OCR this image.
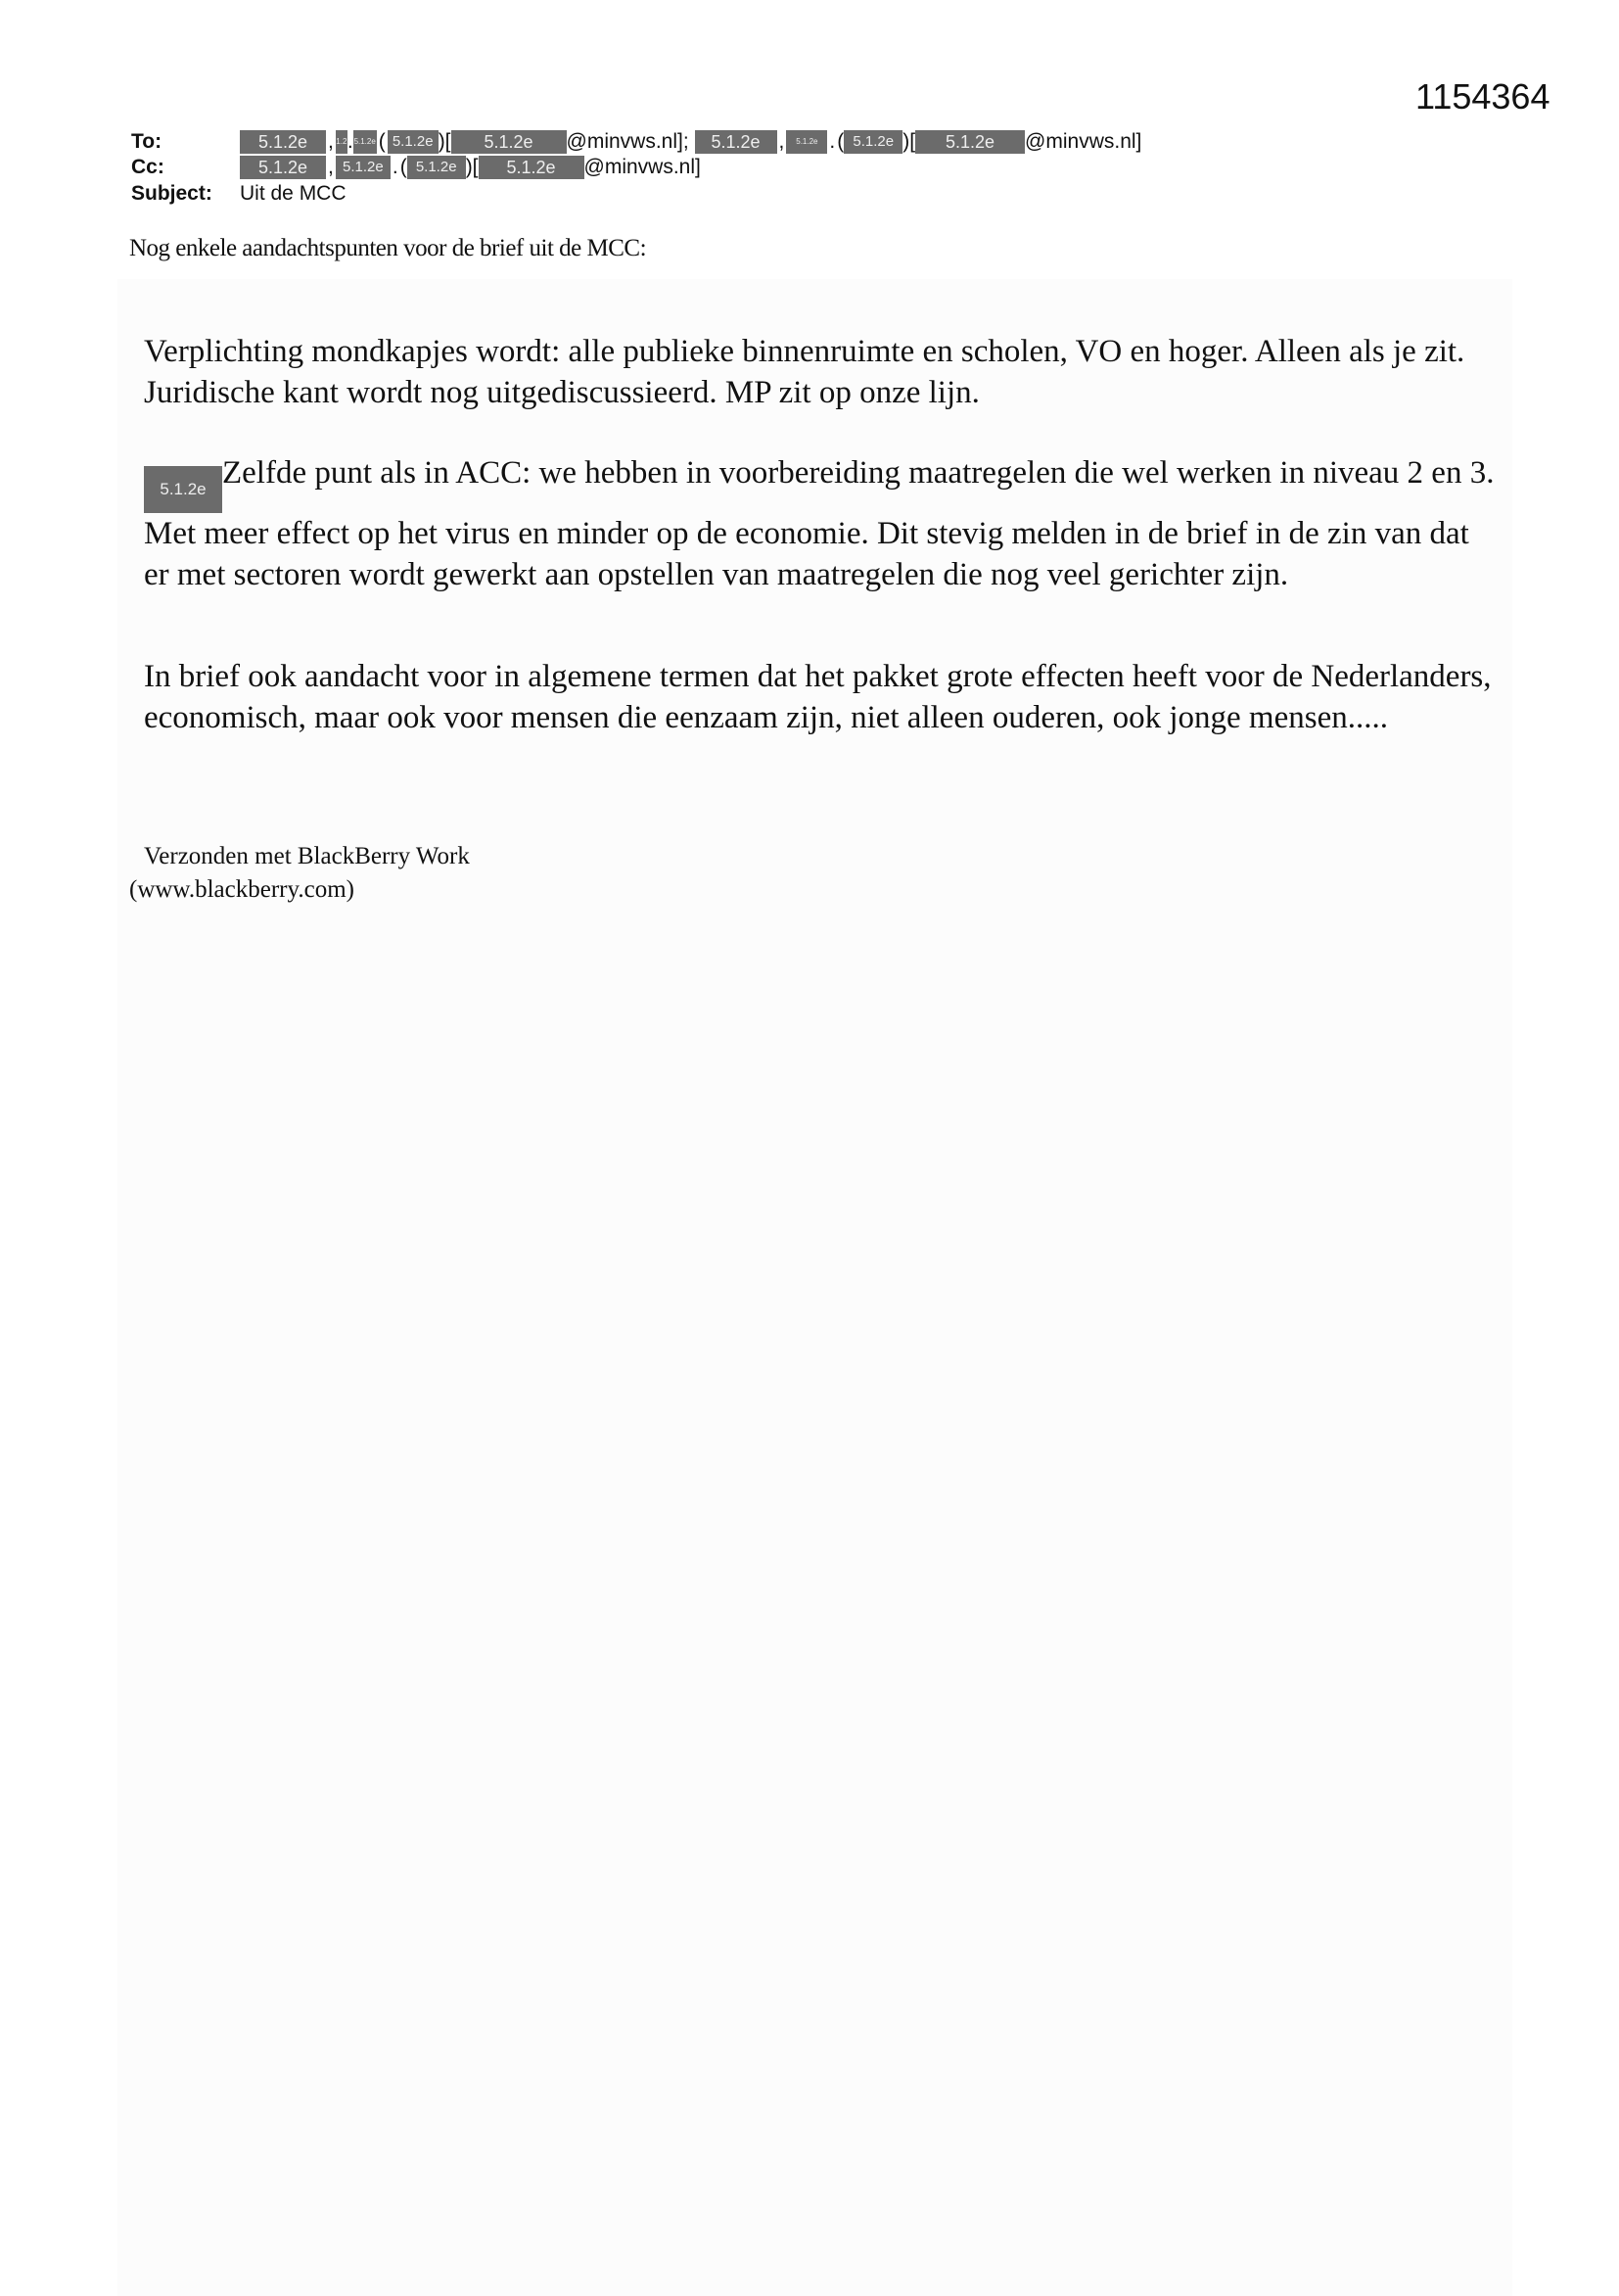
1154364
To:	5.1.2e , 1.2 . 5.1.2e ( 5.1.2e )[	5.1.2e	@minvws.nl];
	5.1.2e ,	5.1.2e . ( 5.1.2e )[	5.1.2e	@minvws.nl]
Cc:	5.1.2e , 5.1.2e . ( 5.1.2e )[	5.1.2e	@minvws.nl]
Subject:	Uit de MCC
Nog enkele aandachtspunten voor de brief uit de MCC:

Verplichting mondkapjes wordt: alle publieke binnenruimte en scholen, VO en hoger. Alleen als je zit. Juridische kant wordt nog uitgediscussieerd. MP zit op onze lijn.

5.1.2e Zelfde punt als in ACC: we hebben in voorbereiding maatregelen die wel werken in niveau 2 en 3. Met meer effect op het virus en minder op de economie. Dit stevig melden in de brief in de zin van dat er met sectoren wordt gewerkt aan opstellen van maatregelen die nog veel gerichter zijn.

In brief ook aandacht voor in algemene termen dat het pakket grote effecten heeft voor de Nederlanders, economisch, maar ook voor mensen die eenzaam zijn, niet alleen ouderen, ook jonge mensen.....

Verzonden met BlackBerry Work
(www.blackberry.com)
